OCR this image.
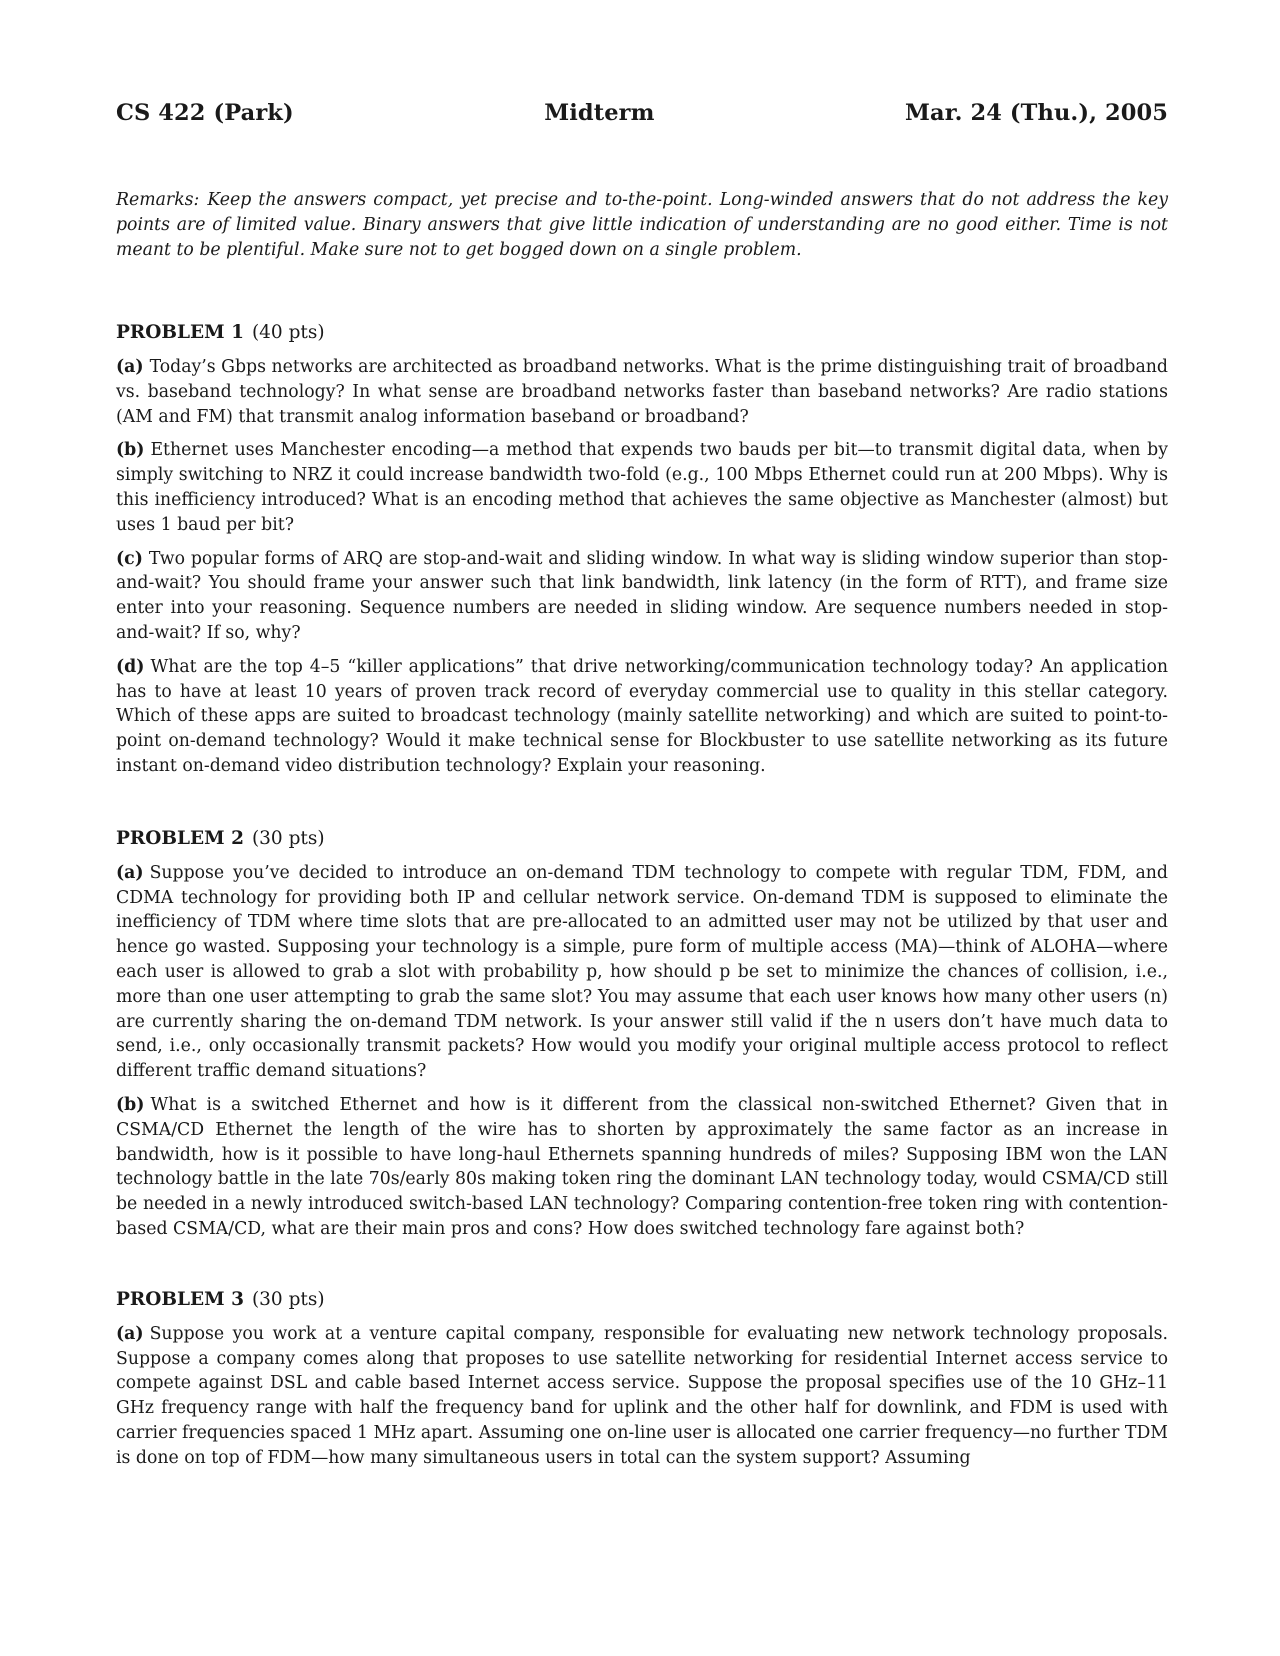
CS 422 (Park)	Midterm	Mar. 24 (Thu.), 2005
Remarks: Keep the answers compact, yet precise and to-the-point. Long-winded answers that do not address the key points are of limited value. Binary answers that give little indication of understanding are no good either. Time is not meant to be plentiful. Make sure not to get bogged down on a single problem.
PROBLEM 1 (40 pts)
(a) Today’s Gbps networks are architected as broadband networks. What is the prime distinguishing trait of broadband vs. baseband technology? In what sense are broadband networks faster than baseband networks? Are radio stations (AM and FM) that transmit analog information baseband or broadband?
(b) Ethernet uses Manchester encoding—a method that expends two bauds per bit—to transmit digital data, when by simply switching to NRZ it could increase bandwidth two-fold (e.g., 100 Mbps Ethernet could run at 200 Mbps). Why is this inefficiency introduced? What is an encoding method that achieves the same objective as Manchester (almost) but uses 1 baud per bit?
(c) Two popular forms of ARQ are stop-and-wait and sliding window. In what way is sliding window superior than stop-and-wait? You should frame your answer such that link bandwidth, link latency (in the form of RTT), and frame size enter into your reasoning. Sequence numbers are needed in sliding window. Are sequence numbers needed in stop-and-wait? If so, why?
(d) What are the top 4–5 “killer applications” that drive networking/communication technology today? An application has to have at least 10 years of proven track record of everyday commercial use to quality in this stellar category. Which of these apps are suited to broadcast technology (mainly satellite networking) and which are suited to point-to-point on-demand technology? Would it make technical sense for Blockbuster to use satellite networking as its future instant on-demand video distribution technology? Explain your reasoning.
PROBLEM 2 (30 pts)
(a) Suppose you’ve decided to introduce an on-demand TDM technology to compete with regular TDM, FDM, and CDMA technology for providing both IP and cellular network service. On-demand TDM is supposed to eliminate the inefficiency of TDM where time slots that are pre-allocated to an admitted user may not be utilized by that user and hence go wasted. Supposing your technology is a simple, pure form of multiple access (MA)—think of ALOHA—where each user is allowed to grab a slot with probability p, how should p be set to minimize the chances of collision, i.e., more than one user attempting to grab the same slot? You may assume that each user knows how many other users (n) are currently sharing the on-demand TDM network. Is your answer still valid if the n users don’t have much data to send, i.e., only occasionally transmit packets? How would you modify your original multiple access protocol to reflect different traffic demand situations?
(b) What is a switched Ethernet and how is it different from the classical non-switched Ethernet? Given that in CSMA/CD Ethernet the length of the wire has to shorten by approximately the same factor as an increase in bandwidth, how is it possible to have long-haul Ethernets spanning hundreds of miles? Supposing IBM won the LAN technology battle in the late 70s/early 80s making token ring the dominant LAN technology today, would CSMA/CD still be needed in a newly introduced switch-based LAN technology? Comparing contention-free token ring with contention-based CSMA/CD, what are their main pros and cons? How does switched technology fare against both?
PROBLEM 3 (30 pts)
(a) Suppose you work at a venture capital company, responsible for evaluating new network technology proposals. Suppose a company comes along that proposes to use satellite networking for residential Internet access service to compete against DSL and cable based Internet access service. Suppose the proposal specifies use of the 10 GHz–11 GHz frequency range with half the frequency band for uplink and the other half for downlink, and FDM is used with carrier frequencies spaced 1 MHz apart. Assuming one on-line user is allocated one carrier frequency—no further TDM is done on top of FDM—how many simultaneous users in total can the system support? Assuming
